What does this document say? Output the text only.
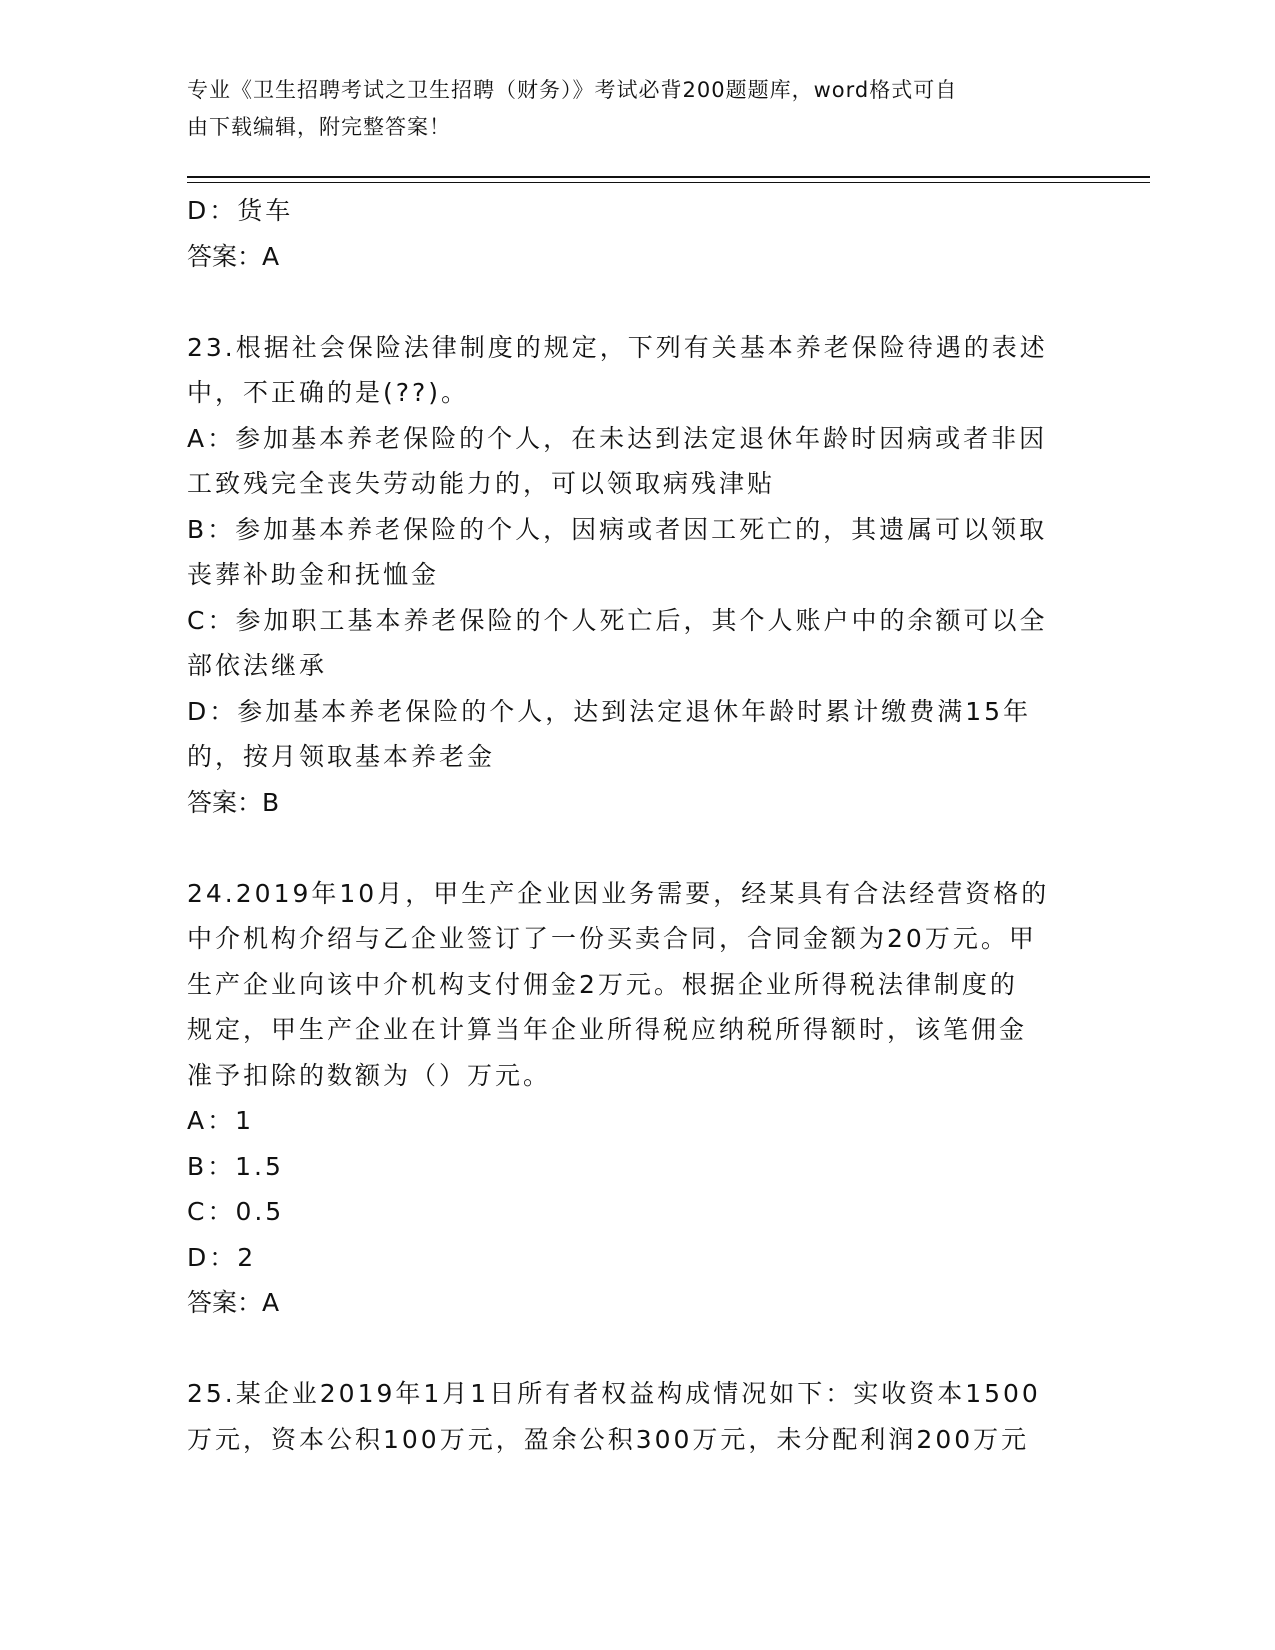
专业《卫生招聘考试之卫生招聘（财务）》考试必背200题题库，word格式可自
由下载编辑，附完整答案！
D：货车
答案：A
23.根据社会保险法律制度的规定，下列有关基本养老保险待遇的表述
中，不正确的是(??)。
A：参加基本养老保险的个人，在未达到法定退休年龄时因病或者非因
工致残完全丧失劳动能力的，可以领取病残津贴
B：参加基本养老保险的个人，因病或者因工死亡的，其遗属可以领取
丧葬补助金和抚恤金
C：参加职工基本养老保险的个人死亡后，其个人账户中的余额可以全
部依法继承
D：参加基本养老保险的个人，达到法定退休年龄时累计缴费满15年
的，按月领取基本养老金
答案：B
24.2019年10月，甲生产企业因业务需要，经某具有合法经营资格的
中介机构介绍与乙企业签订了一份买卖合同，合同金额为20万元。甲
生产企业向该中介机构支付佣金2万元。根据企业所得税法律制度的
规定，甲生产企业在计算当年企业所得税应纳税所得额时，该笔佣金
准予扣除的数额为（）万元。
A：1
B：1.5
C：0.5
D：2
答案：A
25.某企业2019年1月1日所有者权益构成情况如下：实收资本1500
万元，资本公积100万元，盈余公积300万元，未分配利润200万元
